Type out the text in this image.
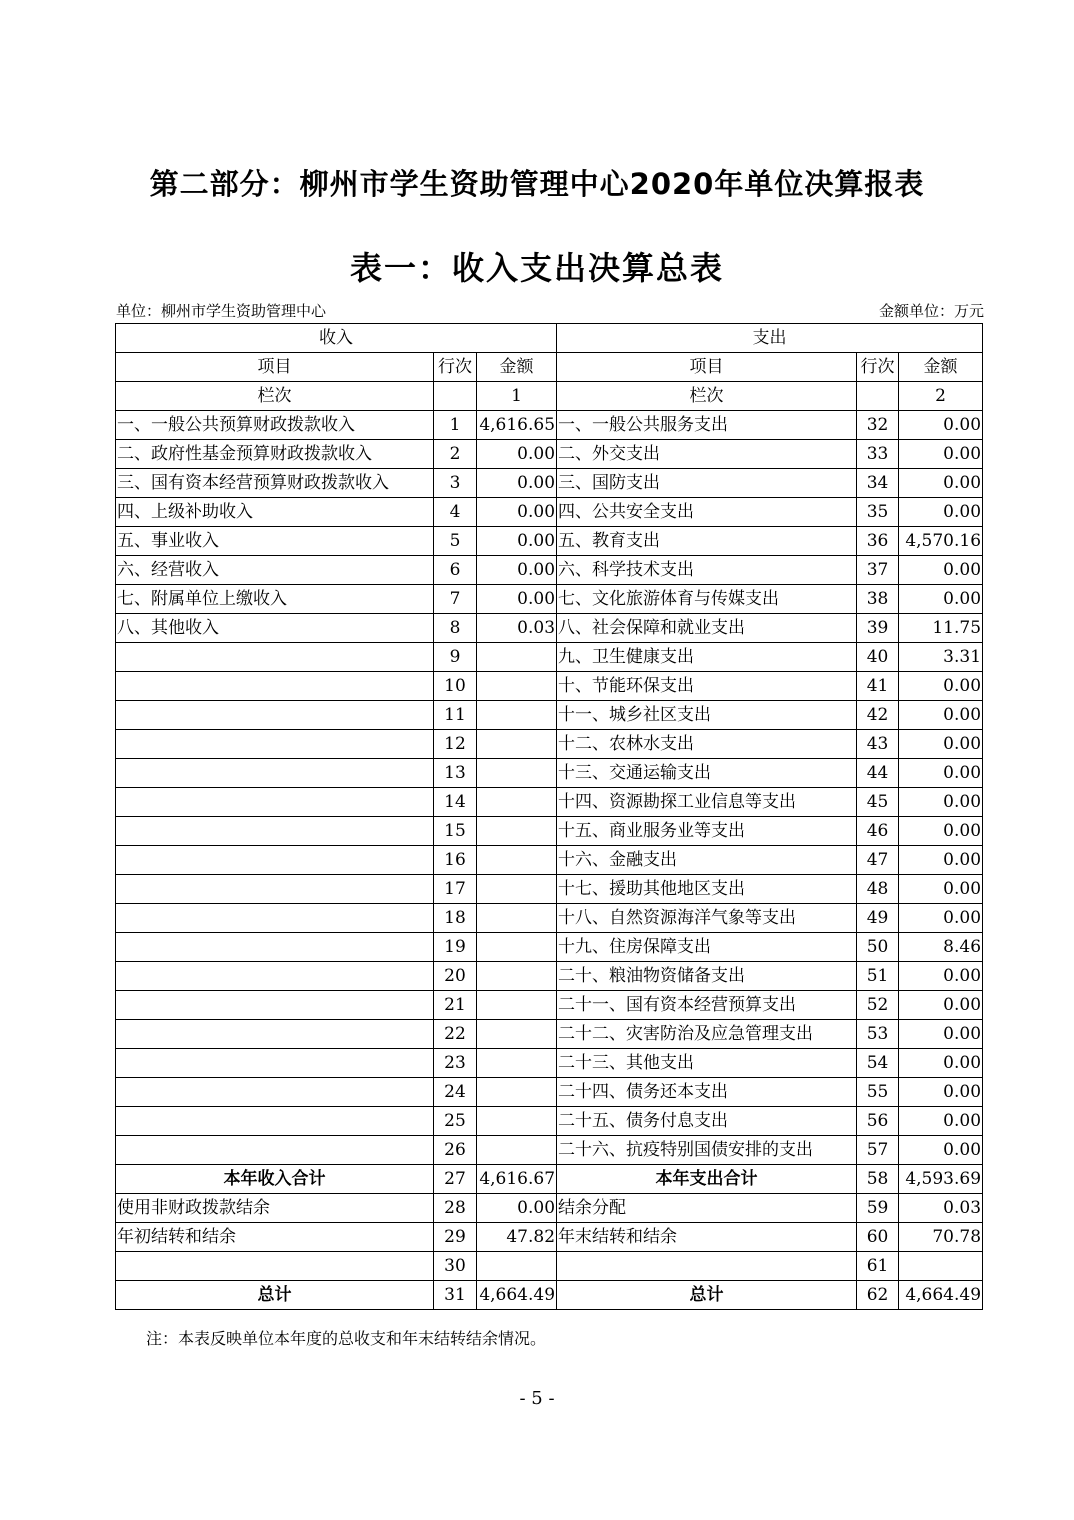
第二部分：柳州市学生资助管理中心2020年单位决算报表
表一：收入支出决算总表
单位：柳州市学生资助管理中心	金额单位：万元
收入			支出		
项目	行次	金额	项目	行次	金额
栏次		1	栏次		2
一、一般公共预算财政拨款收入	1	4,616.65	一、一般公共服务支出	32	0.00
二、政府性基金预算财政拨款收入	2	0.00	二、外交支出	33	0.00
三、国有资本经营预算财政拨款收入	3	0.00	三、国防支出	34	0.00
四、上级补助收入	4	0.00	四、公共安全支出	35	0.00
五、事业收入	5	0.00	五、教育支出	36	4,570.16
六、经营收入	6	0.00	六、科学技术支出	37	0.00
七、附属单位上缴收入	7	0.00	七、文化旅游体育与传媒支出	38	0.00
八、其他收入	8	0.03	八、社会保障和就业支出	39	11.75
	9		九、卫生健康支出	40	3.31
	10		十、节能环保支出	41	0.00
	11		十一、城乡社区支出	42	0.00
	12		十二、农林水支出	43	0.00
	13		十三、交通运输支出	44	0.00
	14		十四、资源勘探工业信息等支出	45	0.00
	15		十五、商业服务业等支出	46	0.00
	16		十六、金融支出	47	0.00
	17		十七、援助其他地区支出	48	0.00
	18		十八、自然资源海洋气象等支出	49	0.00
	19		十九、住房保障支出	50	8.46
	20		二十、粮油物资储备支出	51	0.00
	21		二十一、国有资本经营预算支出	52	0.00
	22		二十二、灾害防治及应急管理支出	53	0.00
	23		二十三、其他支出	54	0.00
	24		二十四、债务还本支出	55	0.00
	25		二十五、债务付息支出	56	0.00
	26		二十六、抗疫特别国债安排的支出	57	0.00
本年收入合计	27	4,616.67	本年支出合计	58	4,593.69
使用非财政拨款结余	28	0.00	结余分配	59	0.03
年初结转和结余	29	47.82	年末结转和结余	60	70.78
	30			61	
总计	31	4,664.49	总计	62	4,664.49
注：本表反映单位本年度的总收支和年末结转结余情况。
- 5 -
